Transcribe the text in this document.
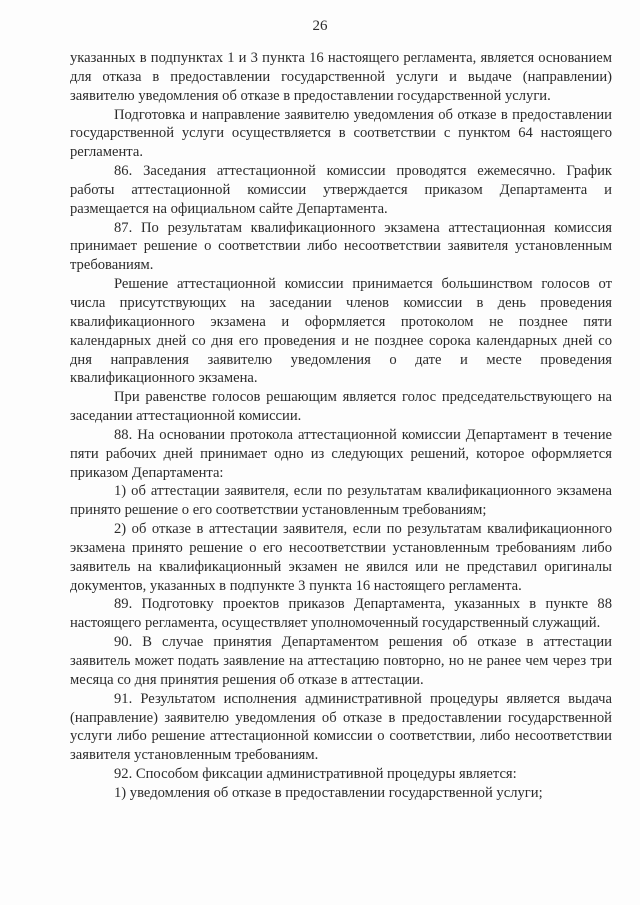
26

указанных в подпунктах 1 и 3 пункта 16 настоящего регламента, является основанием для отказа в предоставлении государственной услуги и выдаче (направлении) заявителю уведомления об отказе в предоставлении государственной услуги.

Подготовка и направление заявителю уведомления об отказе в предоставлении государственной услуги осуществляется в соответствии с пунктом 64 настоящего регламента.

86. Заседания аттестационной комиссии проводятся ежемесячно. График работы аттестационной комиссии утверждается приказом Департамента и размещается на официальном сайте Департамента.

87. По результатам квалификационного экзамена аттестационная комиссия принимает решение о соответствии либо несоответствии заявителя установленным требованиям.

Решение аттестационной комиссии принимается большинством голосов от числа присутствующих на заседании членов комиссии в день проведения квалификационного экзамена и оформляется протоколом не позднее пяти календарных дней со дня его проведения и не позднее сорока календарных дней со дня направления заявителю уведомления о дате и месте проведения квалификационного экзамена.

При равенстве голосов решающим является голос председательствующего на заседании аттестационной комиссии.

88. На основании протокола аттестационной комиссии Департамент в течение пяти рабочих дней принимает одно из следующих решений, которое оформляется приказом Департамента:

1) об аттестации заявителя, если по результатам квалификационного экзамена принято решение о его соответствии установленным требованиям;

2) об отказе в аттестации заявителя, если по результатам квалификационного экзамена принято решение о его несоответствии установленным требованиям либо заявитель на квалификационный экзамен не явился или не представил оригиналы документов, указанных в подпункте 3 пункта 16 настоящего регламента.

89. Подготовку проектов приказов Департамента, указанных в пункте 88 настоящего регламента, осуществляет уполномоченный государственный служащий.

90. В случае принятия Департаментом решения об отказе в аттестации заявитель может подать заявление на аттестацию повторно, но не ранее чем через три месяца со дня принятия решения об отказе в аттестации.

91. Результатом исполнения административной процедуры является выдача (направление) заявителю уведомления об отказе в предоставлении государственной услуги либо решение аттестационной комиссии о соответствии, либо несоответствии заявителя установленным требованиям.

92. Способом фиксации административной процедуры является:

1) уведомления об отказе в предоставлении государственной услуги;
